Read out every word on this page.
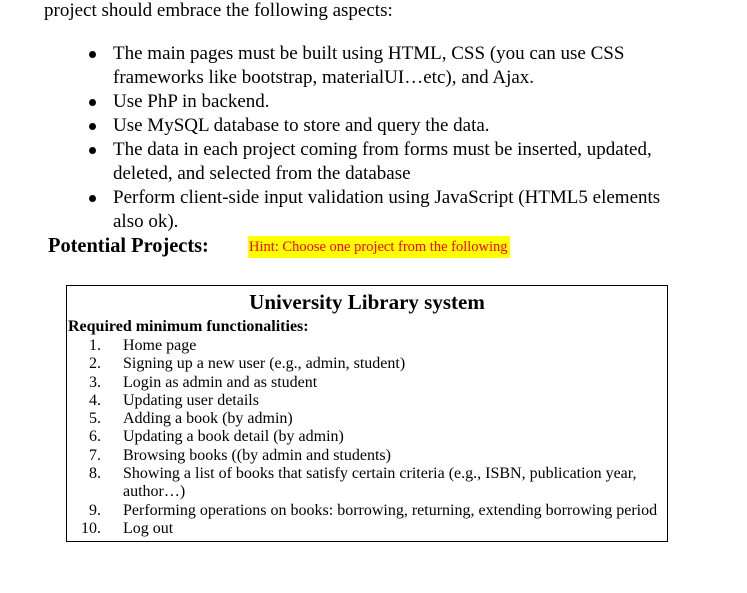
project should embrace the following aspects:
The main pages must be built using HTML, CSS (you can use CSS
frameworks like bootstrap, materialUI…etc), and Ajax.
Use PhP in backend.
Use MySQL database to store and query the data.
The data in each project coming from forms must be inserted, updated,
deleted, and selected from the database
Perform client-side input validation using JavaScript (HTML5 elements
also ok).
Potential Projects:	Hint: Choose one project from the following
University Library system
Required minimum functionalities:
1.	Home page
2.	Signing up a new user (e.g., admin, student)
3.	Login as admin and as student
4.	Updating user details
5.	Adding a book (by admin)
6.	Updating a book detail (by admin)
7.	Browsing books ((by admin and students)
8.	Showing a list of books that satisfy certain criteria (e.g., ISBN, publication year,
author…)
9.	Performing operations on books: borrowing, returning, extending borrowing period
10.	Log out
